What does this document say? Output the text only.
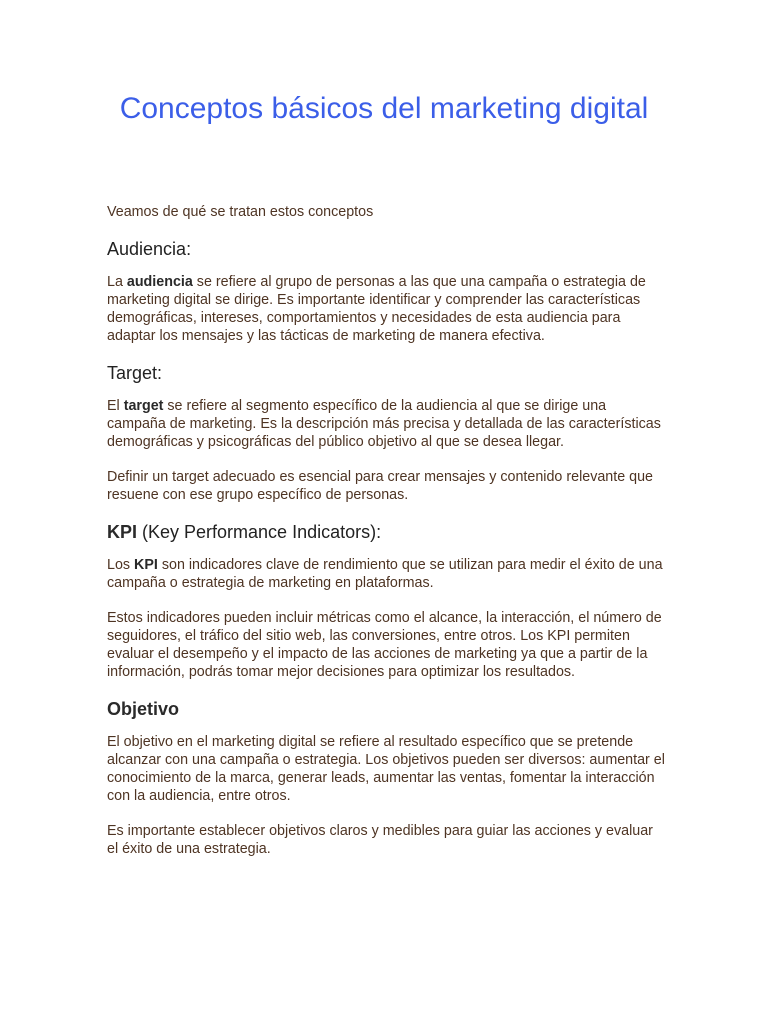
Conceptos básicos del marketing digital

Veamos de qué se tratan estos conceptos

Audiencia:

La audiencia se refiere al grupo de personas a las que una campaña o estrategia de marketing digital se dirige. Es importante identificar y comprender las características demográficas, intereses, comportamientos y necesidades de esta audiencia para adaptar los mensajes y las tácticas de marketing de manera efectiva.

Target:

El target se refiere al segmento específico de la audiencia al que se dirige una campaña de marketing. Es la descripción más precisa y detallada de las características demográficas y psicográficas del público objetivo al que se desea llegar.

Definir un target adecuado es esencial para crear mensajes y contenido relevante que resuene con ese grupo específico de personas.

KPI (Key Performance Indicators):

Los KPI son indicadores clave de rendimiento que se utilizan para medir el éxito de una campaña o estrategia de marketing en plataformas.

Estos indicadores pueden incluir métricas como el alcance, la interacción, el número de seguidores, el tráfico del sitio web, las conversiones, entre otros. Los KPI permiten evaluar el desempeño y el impacto de las acciones de marketing ya que a partir de la información, podrás tomar mejor decisiones para optimizar los resultados.

Objetivo

El objetivo en el marketing digital se refiere al resultado específico que se pretende alcanzar con una campaña o estrategia. Los objetivos pueden ser diversos: aumentar el conocimiento de la marca, generar leads, aumentar las ventas, fomentar la interacción con la audiencia, entre otros.

Es importante establecer objetivos claros y medibles para guiar las acciones y evaluar el éxito de una estrategia.
